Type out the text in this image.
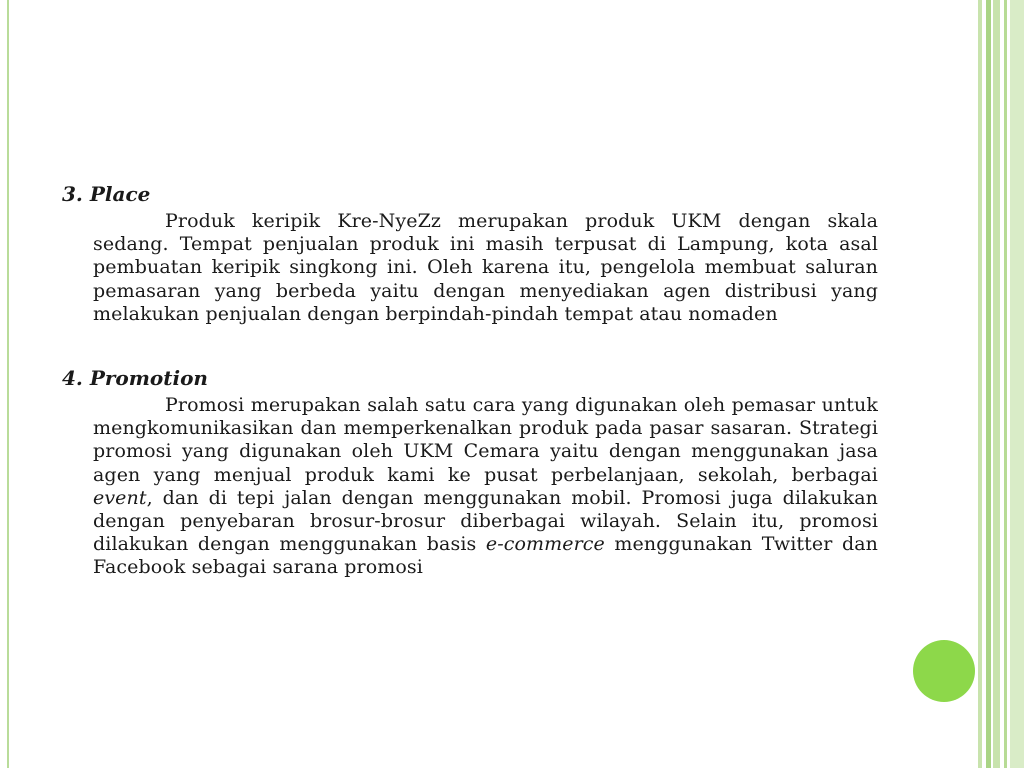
3. Place

Produk keripik Kre-NyeZz merupakan produk UKM dengan skala sedang. Tempat penjualan produk ini masih terpusat di Lampung, kota asal pembuatan keripik singkong ini. Oleh karena itu, pengelola membuat saluran pemasaran yang berbeda yaitu dengan menyediakan agen distribusi yang melakukan penjualan dengan berpindah-pindah tempat atau nomaden

4. Promotion

Promosi merupakan salah satu cara yang digunakan oleh pemasar untuk mengkomunikasikan dan memperkenalkan produk pada pasar sasaran. Strategi promosi yang digunakan oleh UKM Cemara yaitu dengan menggunakan jasa agen yang menjual produk kami ke pusat perbelanjaan, sekolah, berbagai event, dan di tepi jalan dengan menggunakan mobil. Promosi juga dilakukan dengan penyebaran brosur-brosur diberbagai wilayah. Selain itu, promosi dilakukan dengan menggunakan basis e-commerce menggunakan Twitter dan Facebook sebagai sarana promosi
